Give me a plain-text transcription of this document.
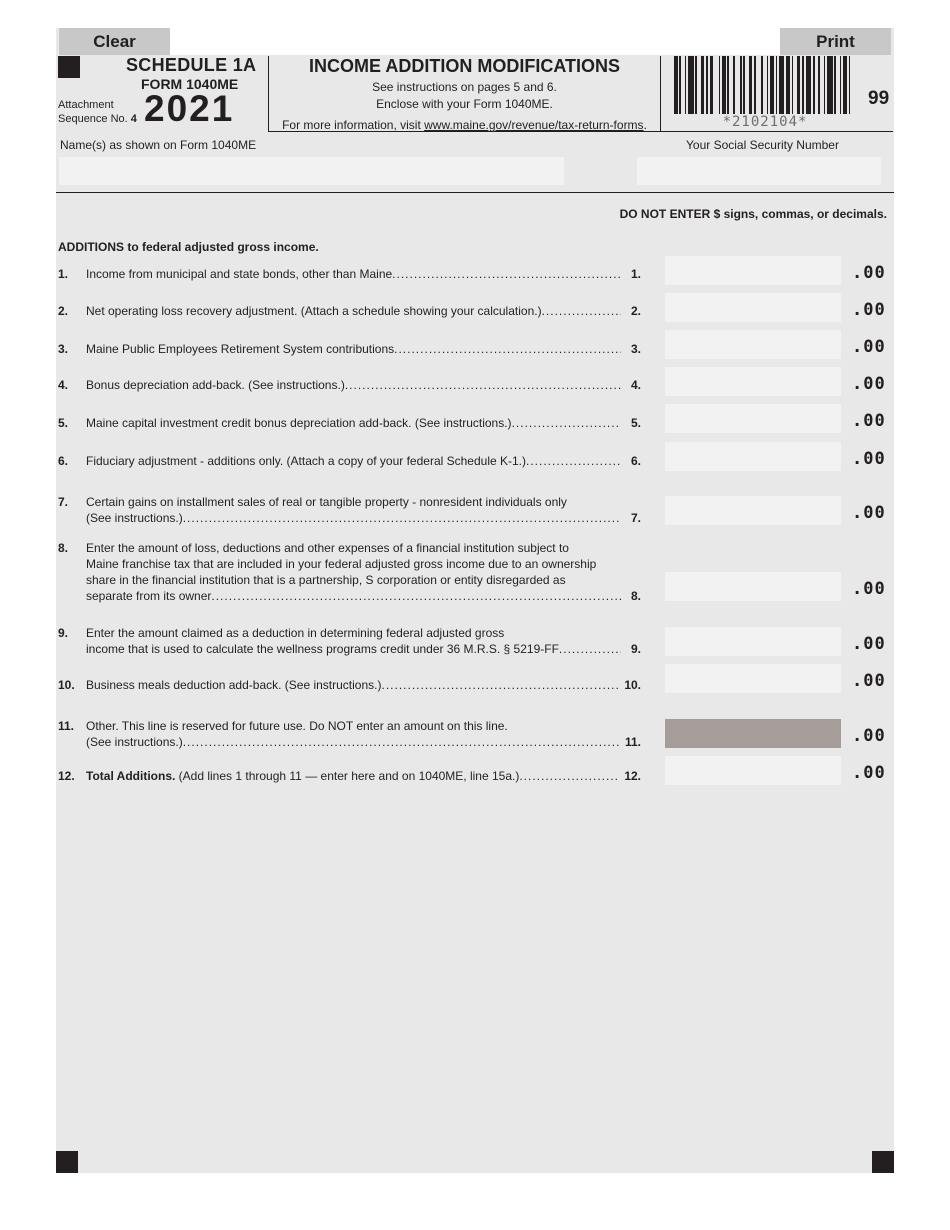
Clear	Print
SCHEDULE 1A
FORM 1040ME
Attachment
Sequence No. 4 2021
INCOME ADDITION MODIFICATIONS
See instructions on pages 5 and 6.
Enclose with your Form 1040ME.
For more information, visit www.maine.gov/revenue/tax-return-forms.	*2102104*
99
Name(s) as shown on Form 1040ME	Your Social Security Number
DO NOT ENTER $ signs, commas, or decimals.
ADDITIONS to federal adjusted gross income.
1. Income from municipal and state bonds, other than Maine .....	1.	.00
2. Net operating loss recovery adjustment. (Attach a schedule showing your calculation.) .....	2.	.00
3. Maine Public Employees Retirement System contributions .....	3.	.00
4. Bonus depreciation add-back. (See instructions.) .....	4.	.00
5. Maine capital investment credit bonus depreciation add-back. (See instructions.) .....	5.	.00
6. Fiduciary adjustment - additions only. (Attach a copy of your federal Schedule K-1.) .....	6.	.00
7. Certain gains on installment sales of real or tangible property - nonresident individuals only
(See instructions.) .....	7.	.00
8. Enter the amount of loss, deductions and other expenses of a financial institution subject to
Maine franchise tax that are included in your federal adjusted gross income due to an ownership
share in the financial institution that is a partnership, S corporation or entity disregarded as
separate from its owner .....	8.	.00
9. Enter the amount claimed as a deduction in determining federal adjusted gross
income that is used to calculate the wellness programs credit under 36 M.R.S. § 5219-FF .....	9.	.00
10. Business meals deduction add-back. (See instructions.) .....	10.	.00
11. Other. This line is reserved for future use. Do NOT enter an amount on this line.
(See instructions.) .....	11.	.00
12. Total Additions. (Add lines 1 through 11 — enter here and on 1040ME, line 15a.) .....	12.	.00
